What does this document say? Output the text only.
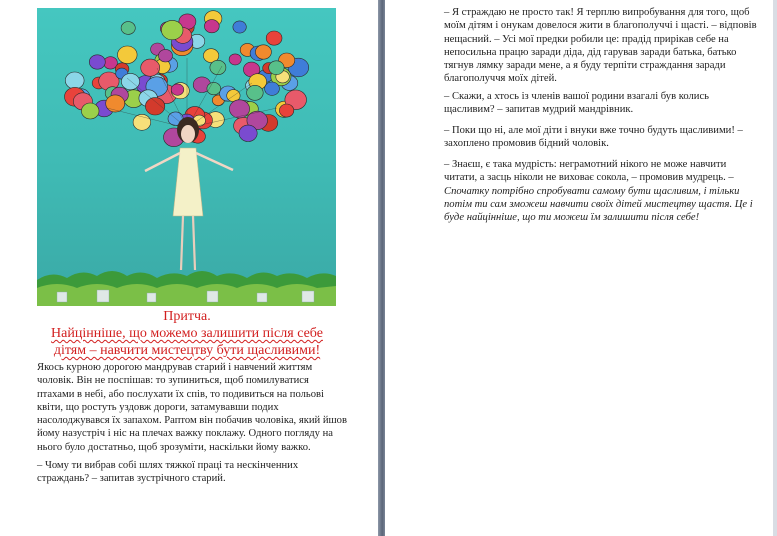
Притча.
Найцінніше, що можемо залишити після себе дітям – навчити мистецтву бути щасливими!

Якось курною дорогою мандрував старий і навчений життям чоловік. Він не поспішав: то зупиниться, щоб помилуватися птахами в небі, або послухати їх спів, то подивиться на польові квіти, що ростуть уздовж дороги, затамувавши подих насолоджувався їх запахом. Раптом він побачив чоловіка, який йшов йому назустріч і ніс на плечах важку поклажу. Одного погляду на нього було достатньо, щоб зрозуміти, наскільки йому важко.

– Чому ти вибрав собі шлях тяжкої праці та нескінченних страждань? – запитав зустрічного старий.

– Я страждаю не просто так! Я терплю випробування для того, щоб моїм дітям і онукам довелося жити в благополуччі і щасті. – відповів нещасний. – Усі мої предки робили це: прадід прирікав себе на непосильна працю заради діда, дід гарував заради батька, батько тягнув лямку заради мене, а я буду терпіти страждання заради благополуччя моїх дітей.

– Скажи, а хтось із членів вашої родини взагалі був колись щасливим? – запитав мудрий мандрівник.

– Поки що ні, але мої діти і внуки вже точно будуть щасливими! – захоплено промовив бідний чоловік.

– Знаєш, є така мудрість: неграмотний нікого не може навчити читати, а засць ніколи не виховає сокола, – промовив мудрець. – Спочатку потрібно спробувати самому бути щасливим, і тільки потім ти сам зможеш навчити своїх дітей мистецтву щастя. Це і буде найцінніше, що ти можеш їм залишити після себе!
